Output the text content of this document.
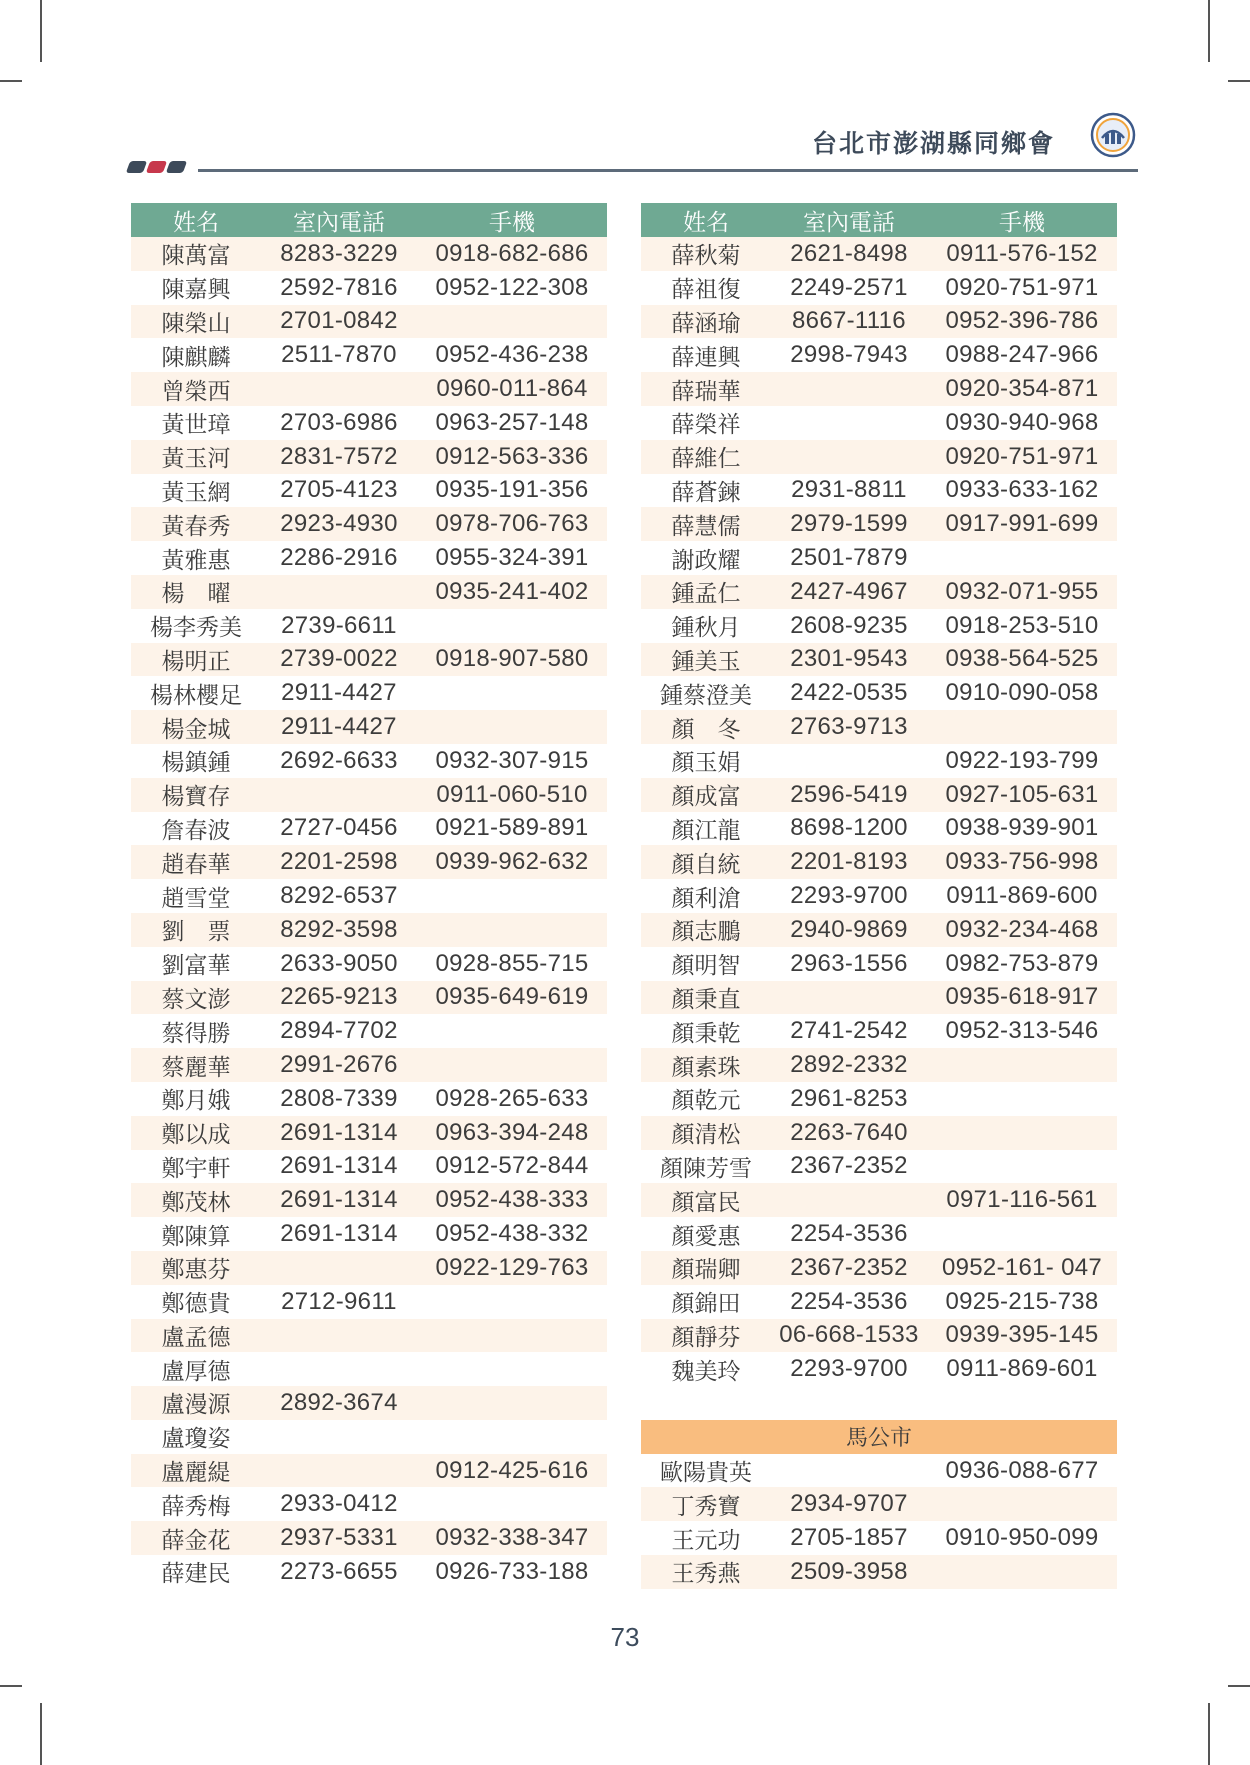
台北市澎湖縣同鄉會
姓名	室內電話	手機
陳萬富	8283-3229	0918-682-686
陳嘉興	2592-7816	0952-122-308
陳榮山	2701-0842	
陳麒麟	2511-7870	0952-436-238
曾榮西		0960-011-864
黃世璋	2703-6986	0963-257-148
黃玉河	2831-7572	0912-563-336
黃玉網	2705-4123	0935-191-356
黃春秀	2923-4930	0978-706-763
黃雅惠	2286-2916	0955-324-391
楊　曜		0935-241-402
楊李秀美	2739-6611	
楊明正	2739-0022	0918-907-580
楊林櫻足	2911-4427	
楊金城	2911-4427	
楊鎮鍾	2692-6633	0932-307-915
楊寶存		0911-060-510
詹春波	2727-0456	0921-589-891
趙春華	2201-2598	0939-962-632
趙雪堂	8292-6537	
劉　票	8292-3598	
劉富華	2633-9050	0928-855-715
蔡文澎	2265-9213	0935-649-619
蔡得勝	2894-7702	
蔡麗華	2991-2676	
鄭月娥	2808-7339	0928-265-633
鄭以成	2691-1314	0963-394-248
鄭宇軒	2691-1314	0912-572-844
鄭茂林	2691-1314	0952-438-333
鄭陳算	2691-1314	0952-438-332
鄭惠芬		0922-129-763
鄭德貴	2712-9611	
盧孟德		
盧厚德		
盧漫源	2892-3674	
盧瓊姿		
盧麗緹		0912-425-616
薛秀梅	2933-0412	
薛金花	2937-5331	0932-338-347
薛建民	2273-6655	0926-733-188
姓名	室內電話	手機
薛秋菊	2621-8498	0911-576-152
薛祖復	2249-2571	0920-751-971
薛涵瑜	8667-1116	0952-396-786
薛連興	2998-7943	0988-247-966
薛瑞華		0920-354-871
薛榮祥		0930-940-968
薛維仁		0920-751-971
薛蒼鍊	2931-8811	0933-633-162
薛慧儒	2979-1599	0917-991-699
謝政耀	2501-7879	
鍾孟仁	2427-4967	0932-071-955
鍾秋月	2608-9235	0918-253-510
鍾美玉	2301-9543	0938-564-525
鍾蔡澄美	2422-0535	0910-090-058
顏　冬	2763-9713	
顏玉娟		0922-193-799
顏成富	2596-5419	0927-105-631
顏江龍	8698-1200	0938-939-901
顏自統	2201-8193	0933-756-998
顏利滄	2293-9700	0911-869-600
顏志鵬	2940-9869	0932-234-468
顏明智	2963-1556	0982-753-879
顏秉直		0935-618-917
顏秉乾	2741-2542	0952-313-546
顏素珠	2892-2332	
顏乾元	2961-8253	
顏清松	2263-7640	
顏陳芳雪	2367-2352	
顏富民		0971-116-561
顏愛惠	2254-3536	
顏瑞卿	2367-2352	0952-161- 047
顏錦田	2254-3536	0925-215-738
顏靜芬	06-668-1533	0939-395-145
魏美玲	2293-9700	0911-869-601

馬公市		
歐陽貴英		0936-088-677
丁秀寶	2934-9707	
王元功	2705-1857	0910-950-099
王秀燕	2509-3958	
73
